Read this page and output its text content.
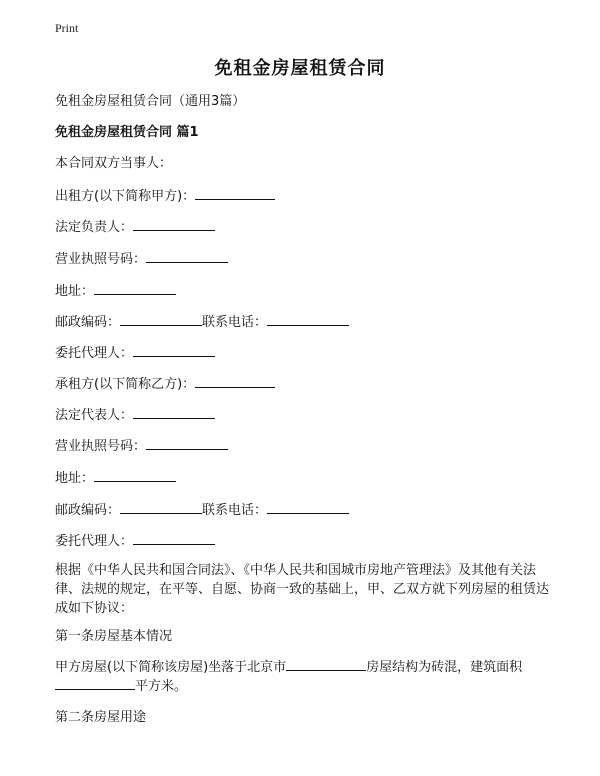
Print
免租金房屋租赁合同
免租金房屋租赁合同（通用3篇）
免租金房屋租赁合同 篇1
本合同双方当事人：
出租方(以下简称甲方)：
法定负责人：
营业执照号码：
地址：
邮政编码：	联系电话：
委托代理人：
承租方(以下简称乙方)：
法定代表人：
营业执照号码：
地址：
邮政编码：	联系电话：
委托代理人：
根据《中华人民共和国合同法》、《中华人民共和国城市房地产管理法》及其他有关法律、法规的规定，在平等、自愿、协商一致的基础上，甲、乙双方就下列房屋的租赁达成如下协议：
第一条房屋基本情况
甲方房屋(以下简称该房屋)坐落于北京市	房屋结构为砖混，建筑面积
平方米。
第二条房屋用途
